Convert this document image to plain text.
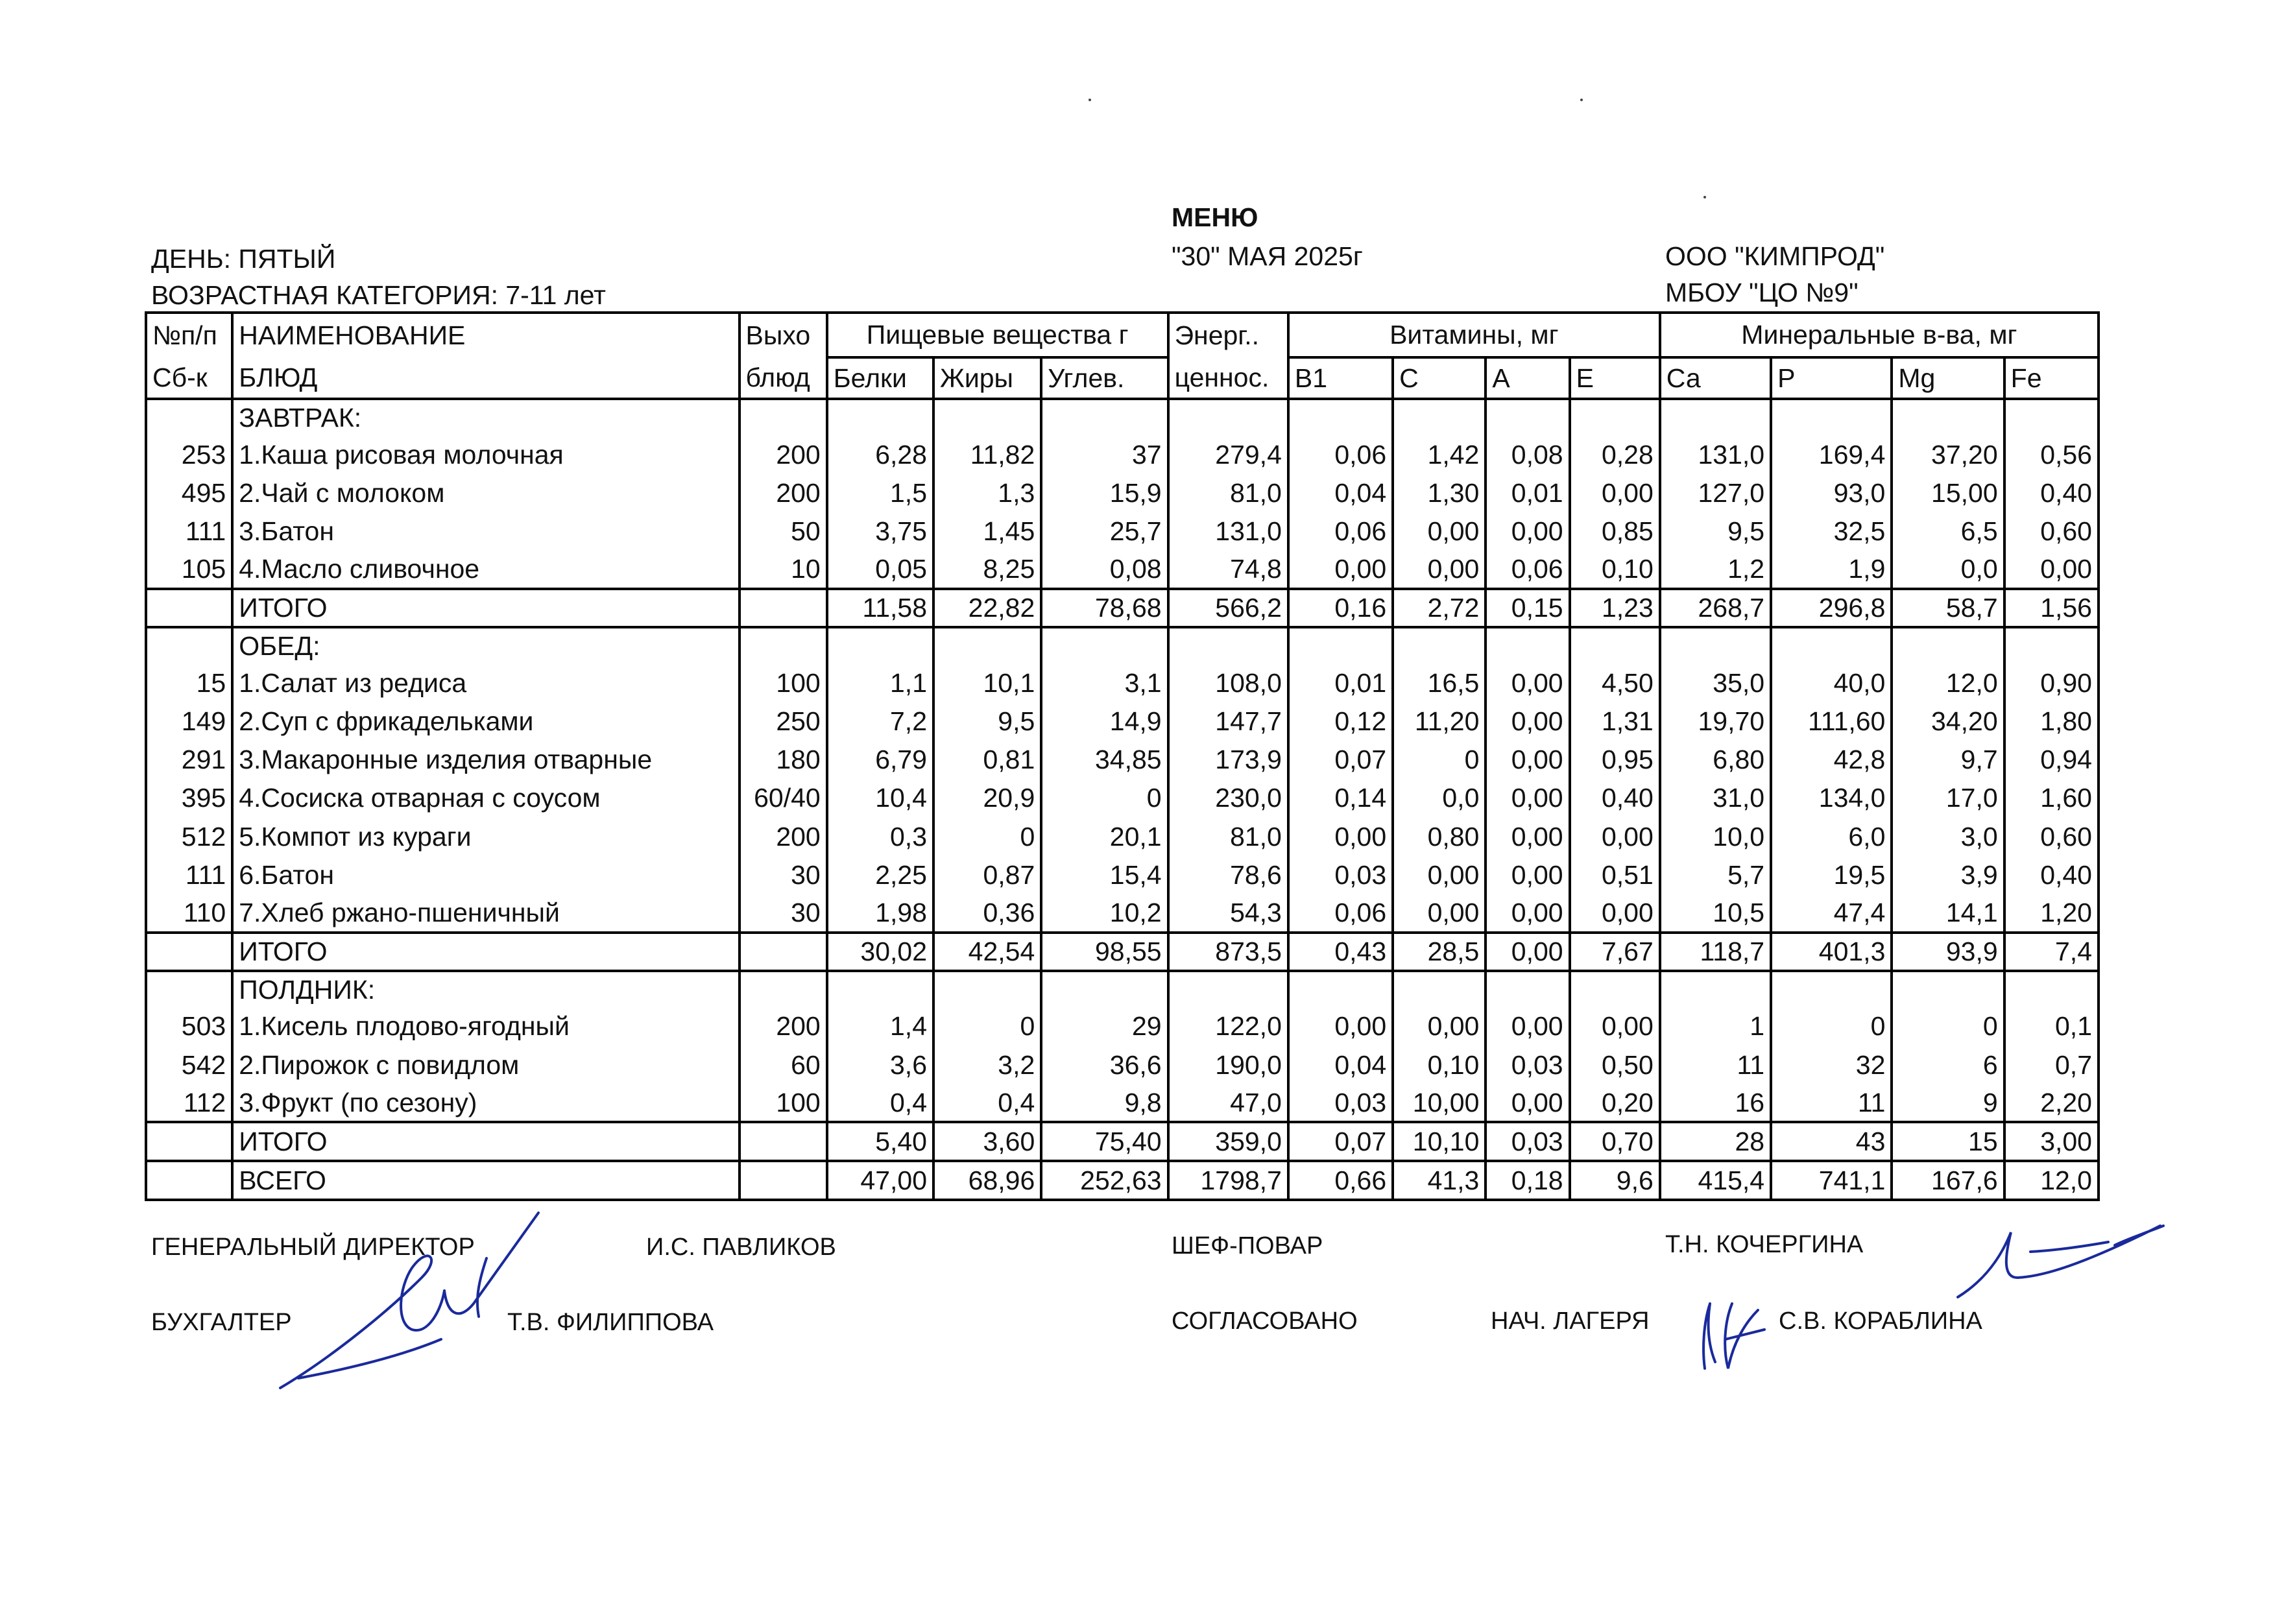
МЕНЮ
"30" МАЯ 2025г
ДЕНЬ: ПЯТЫЙ
ВОЗРАСТНАЯ КАТЕГОРИЯ: 7-11 лет
ООО "КИМПРОД"
МБОУ "ЦО №9"
№п/п	НАИМЕНОВАНИЕ	Выхо	Пищевые вещества г			Энерг..	Витамины, мг				Минеральные в-ва, мг			
Сб-к	БЛЮД	блюд	Белки	Жиры	Углев.	ценнос.	В1	С	А	Е	Са	Р	Mg	Fe
	ЗАВТРАК:													
253	1.Каша рисовая молочная	200	6,28	11,82	37	279,4	0,06	1,42	0,08	0,28	131,0	169,4	37,20	0,56
495	2.Чай с молоком	200	1,5	1,3	15,9	81,0	0,04	1,30	0,01	0,00	127,0	93,0	15,00	0,40
111	3.Батон	50	3,75	1,45	25,7	131,0	0,06	0,00	0,00	0,85	9,5	32,5	6,5	0,60
105	4.Масло сливочное	10	0,05	8,25	0,08	74,8	0,00	0,00	0,06	0,10	1,2	1,9	0,0	0,00
	ИТОГО		11,58	22,82	78,68	566,2	0,16	2,72	0,15	1,23	268,7	296,8	58,7	1,56
	ОБЕД:													
15	1.Салат из редиса	100	1,1	10,1	3,1	108,0	0,01	16,5	0,00	4,50	35,0	40,0	12,0	0,90
149	2.Суп с фрикадельками	250	7,2	9,5	14,9	147,7	0,12	11,20	0,00	1,31	19,70	111,60	34,20	1,80
291	3.Макаронные изделия отварные	180	6,79	0,81	34,85	173,9	0,07	0	0,00	0,95	6,80	42,8	9,7	0,94
395	4.Сосиска отварная с соусом	60/40	10,4	20,9	0	230,0	0,14	0,0	0,00	0,40	31,0	134,0	17,0	1,60
512	5.Компот из кураги	200	0,3	0	20,1	81,0	0,00	0,80	0,00	0,00	10,0	6,0	3,0	0,60
111	6.Батон	30	2,25	0,87	15,4	78,6	0,03	0,00	0,00	0,51	5,7	19,5	3,9	0,40
110	7.Хлеб ржано-пшеничный	30	1,98	0,36	10,2	54,3	0,06	0,00	0,00	0,00	10,5	47,4	14,1	1,20
	ИТОГО		30,02	42,54	98,55	873,5	0,43	28,5	0,00	7,67	118,7	401,3	93,9	7,4
	ПОЛДНИК:													
503	1.Кисель плодово-ягодный	200	1,4	0	29	122,0	0,00	0,00	0,00	0,00	1	0	0	0,1
542	2.Пирожок с повидлом	60	3,6	3,2	36,6	190,0	0,04	0,10	0,03	0,50	11	32	6	0,7
112	3.Фрукт (по сезону)	100	0,4	0,4	9,8	47,0	0,03	10,00	0,00	0,20	16	11	9	2,20
	ИТОГО		5,40	3,60	75,40	359,0	0,07	10,10	0,03	0,70	28	43	15	3,00
	ВСЕГО		47,00	68,96	252,63	1798,7	0,66	41,3	0,18	9,6	415,4	741,1	167,6	12,0
ГЕНЕРАЛЬНЫЙ ДИРЕКТОР	И.С. ПАВЛИКОВ	ШЕФ-ПОВАР	Т.Н. КОЧЕРГИНА
БУХГАЛТЕР	Т.В. ФИЛИППОВА	СОГЛАСОВАНО	НАЧ. ЛАГЕРЯ	С.В. КОРАБЛИНА
